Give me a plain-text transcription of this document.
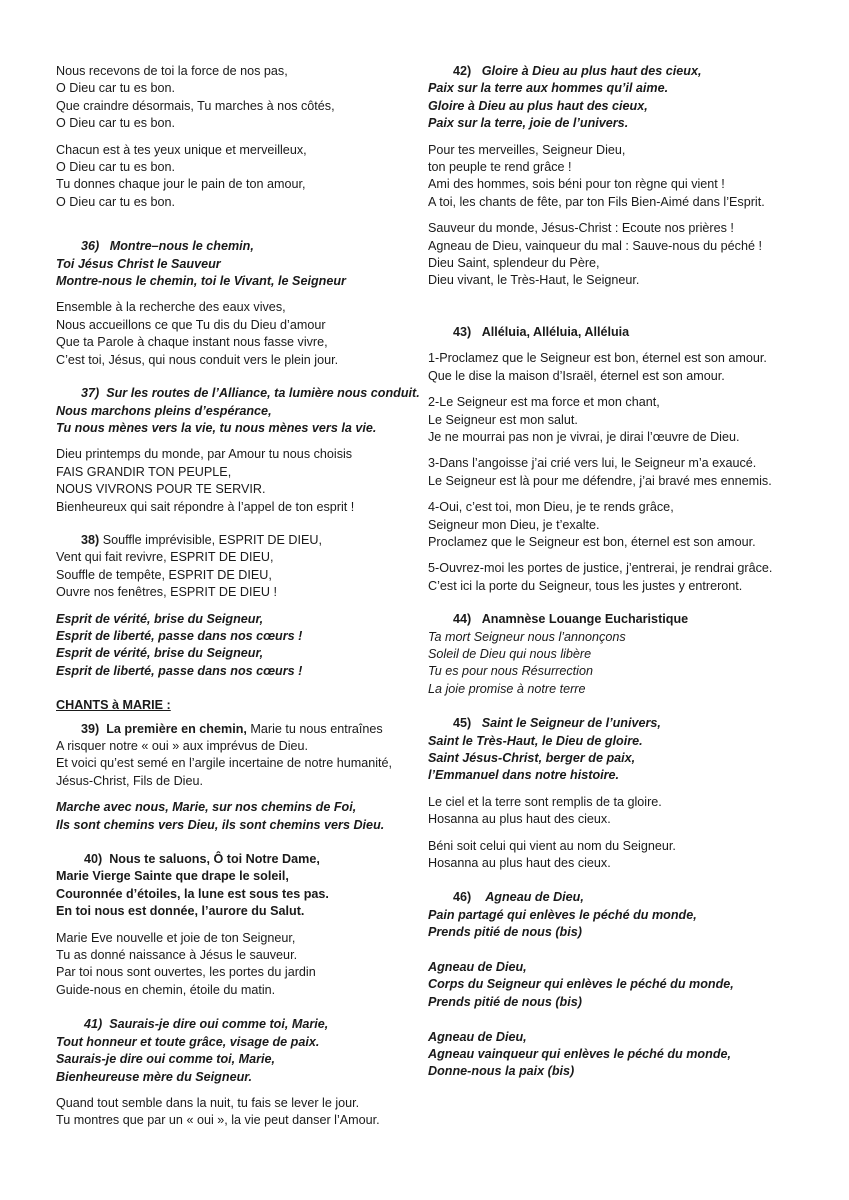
Nous recevons de toi la force de nos pas,
O Dieu car tu es bon.
Que craindre désormais, Tu marches à nos côtés,
O Dieu car tu es bon.

Chacun est à tes yeux unique et merveilleux,
O Dieu car tu es bon.
Tu donnes chaque jour le pain de ton amour,
O Dieu car tu es bon.

36) Montre–nous le chemin,
Toi Jésus Christ le Sauveur
Montre-nous le chemin, toi le Vivant, le Seigneur

Ensemble à la recherche des eaux vives,
Nous accueillons ce que Tu dis du Dieu d’amour
Que ta Parole à chaque instant nous fasse vivre,
C’est toi, Jésus, qui nous conduit vers le plein jour.

37) Sur les routes de l’Alliance, ta lumière nous conduit.
Nous marchons pleins d’espérance,
Tu nous mènes vers la vie, tu nous mènes vers la vie.

Dieu printemps du monde, par Amour tu nous choisis
FAIS GRANDIR TON PEUPLE,
NOUS VIVRONS POUR TE SERVIR.
Bienheureux qui sait répondre à l’appel de ton esprit !

38) Souffle imprévisible, ESPRIT DE DIEU,
Vent qui fait revivre, ESPRIT DE DIEU,
Souffle de tempête, ESPRIT DE DIEU,
Ouvre nos fenêtres, ESPRIT DE DIEU !

Esprit de vérité, brise du Seigneur,
Esprit de liberté, passe dans nos cœurs !
Esprit de vérité, brise du Seigneur,
Esprit de liberté, passe dans nos cœurs !

CHANTS à MARIE :

39) La première en chemin, Marie tu nous entraînes
A risquer notre « oui » aux imprévus de Dieu.
Et voici qu’est semé en l’argile incertaine de notre humanité,
Jésus-Christ, Fils de Dieu.

Marche avec nous, Marie, sur nos chemins de Foi,
Ils sont chemins vers Dieu, ils sont chemins vers Dieu.

40) Nous te saluons, Ô toi Notre Dame,
Marie Vierge Sainte que drape le soleil,
Couronnée d’étoiles, la lune est sous tes pas.
En toi nous est donnée, l’aurore du Salut.

Marie Eve nouvelle et joie de ton Seigneur,
Tu as donné naissance à Jésus le sauveur.
Par toi nous sont ouvertes, les portes du jardin
Guide-nous en chemin, étoile du matin.

41) Saurais-je dire oui comme toi, Marie,
Tout honneur et toute grâce, visage de paix.
Saurais-je dire oui comme toi, Marie,
Bienheureuse mère du Seigneur.

Quand tout semble dans la nuit, tu fais se lever le jour.
Tu montres que par un « oui », la vie peut danser l’Amour.

42) Gloire à Dieu au plus haut des cieux,
Paix sur la terre aux hommes qu’il aime.
Gloire à Dieu au plus haut des cieux,
Paix sur la terre, joie de l’univers.

Pour tes merveilles, Seigneur Dieu,
ton peuple te rend grâce !
Ami des hommes, sois béni pour ton règne qui vient !
A toi, les chants de fête, par ton Fils Bien-Aimé dans l’Esprit.

Sauveur du monde, Jésus-Christ : Ecoute nos prières !
Agneau de Dieu, vainqueur du mal : Sauve-nous du péché !
Dieu Saint, splendeur du Père,
Dieu vivant, le Très-Haut, le Seigneur.

43) Alléluia, Alléluia, Alléluia

1-Proclamez que le Seigneur est bon, éternel est son amour.
Que le dise la maison d’Israël, éternel est son amour.

2-Le Seigneur est ma force et mon chant,
Le Seigneur est mon salut.
Je ne mourrai pas non je vivrai, je dirai l’œuvre de Dieu.

3-Dans l’angoisse j’ai crié vers lui, le Seigneur m’a exaucé.
Le Seigneur est là pour me défendre, j’ai bravé mes ennemis.

4-Oui, c’est toi, mon Dieu, je te rends grâce,
Seigneur mon Dieu, je t’exalte.
Proclamez que le Seigneur est bon, éternel est son amour.

5-Ouvrez-moi les portes de justice, j’entrerai, je rendrai grâce.
C’est ici la porte du Seigneur, tous les justes y entreront.

44) Anamnèse Louange Eucharistique
Ta mort Seigneur nous l’annonçons
Soleil de Dieu qui nous libère
Tu es pour nous Résurrection
La joie promise à notre terre

45) Saint le Seigneur de l’univers,
Saint le Très-Haut, le Dieu de gloire.
Saint Jésus-Christ, berger de paix,
l’Emmanuel dans notre histoire.

Le ciel et la terre sont remplis de ta gloire.
Hosanna au plus haut des cieux.

Béni soit celui qui vient au nom du Seigneur.
Hosanna au plus haut des cieux.

46) Agneau de Dieu,
Pain partagé qui enlèves le péché du monde,
Prends pitié de nous (bis)
Agneau de Dieu,
Corps du Seigneur qui enlèves le péché du monde,
Prends pitié de nous (bis)
Agneau de Dieu,
Agneau vainqueur qui enlèves le péché du monde,
Donne-nous la paix (bis)
